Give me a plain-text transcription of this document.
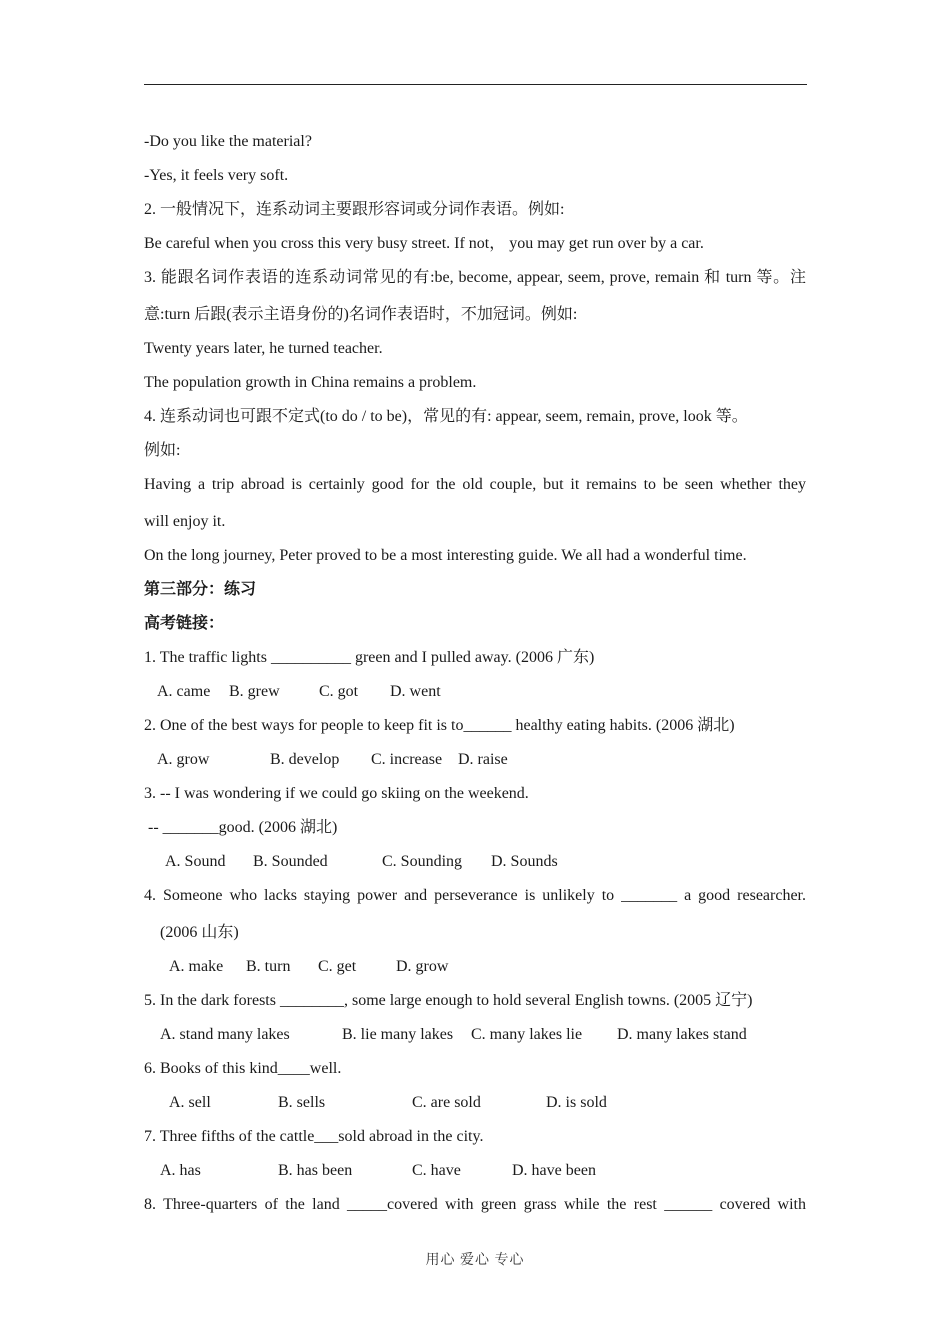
-Do you like the material?
-Yes, it feels very soft.
2. 一般情况下，连系动词主要跟形容词或分词作表语。例如:
Be careful when you cross this very busy street. If not， you may get run over by a car.
3. 能跟名词作表语的连系动词常见的有:be, become, appear, seem, prove, remain 和 turn 等。注
意:turn 后跟(表示主语身份的)名词作表语时，不加冠词。例如:
Twenty years later, he turned teacher.
The population growth in China remains a problem.
4. 连系动词也可跟不定式(to do / to be)，常见的有: appear, seem, remain, prove, look 等。
例如:
Having a trip abroad is certainly good for the old couple, but it remains to be seen whether they
will enjoy it.
On the long journey, Peter proved to be a most interesting guide. We all had a wonderful time.
第三部分：练习
高考链接：
1. The traffic lights __________ green and I pulled away. (2006 广东)
A. came B. grew C. got D. went
2. One of the best ways for people to keep fit is to______ healthy eating habits. (2006 湖北)
A. grow	B. develop C. increase D. raise
3. -- I was wondering if we could go skiing on the weekend.
-- _______good. (2006 湖北)
A. Sound B. Sounded	C. Sounding D. Sounds
4. Someone who lacks staying power and perseverance is unlikely to _______ a good researcher.
(2006 山东)
A. make B. turn C. get D. grow
5. In the dark forests ________, some large enough to hold several English towns. (2005 辽宁)
A. stand many lakes	B. lie many lakes C. many lakes lie D. many lakes stand
6. Books of this kind____well.
A. sell	B. sells	C. are sold	D. is sold
7. Three fifths of the cattle___sold abroad in the city.
A. has	B. has been	C. have	D. have been
8. Three-quarters of the land _____covered with green grass while the rest ______ covered with
用心 爱心 专心
